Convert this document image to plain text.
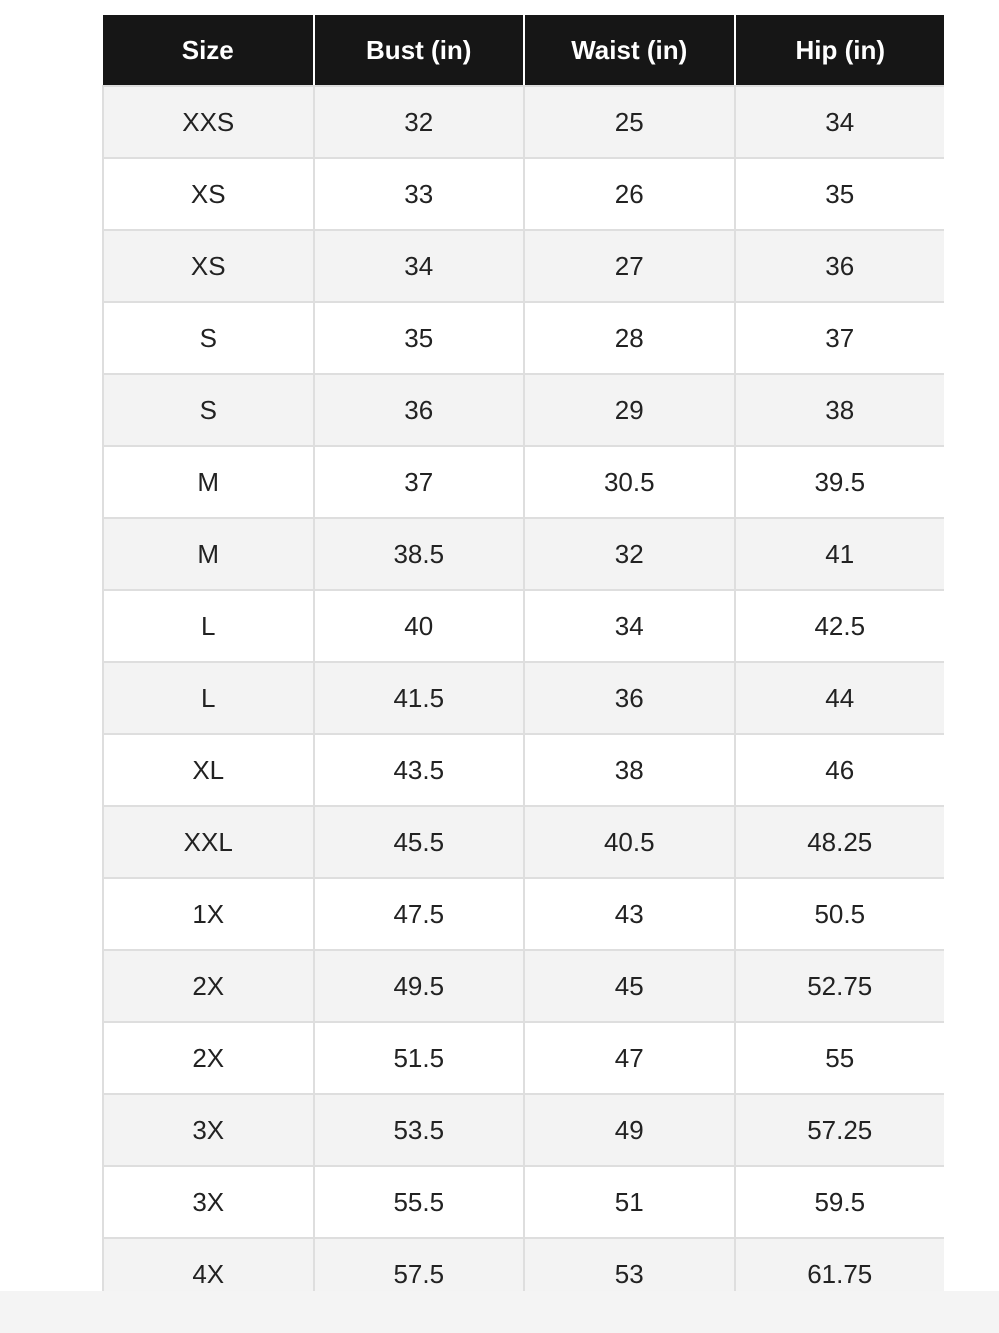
Size	Bust (in)	Waist (in)	Hip (in)
XXS	32	25	34
XS	33	26	35
XS	34	27	36
S	35	28	37
S	36	29	38
M	37	30.5	39.5
M	38.5	32	41
L	40	34	42.5
L	41.5	36	44
XL	43.5	38	46
XXL	45.5	40.5	48.25
1X	47.5	43	50.5
2X	49.5	45	52.75
2X	51.5	47	55
3X	53.5	49	57.25
3X	55.5	51	59.5
4X	57.5	53	61.75
